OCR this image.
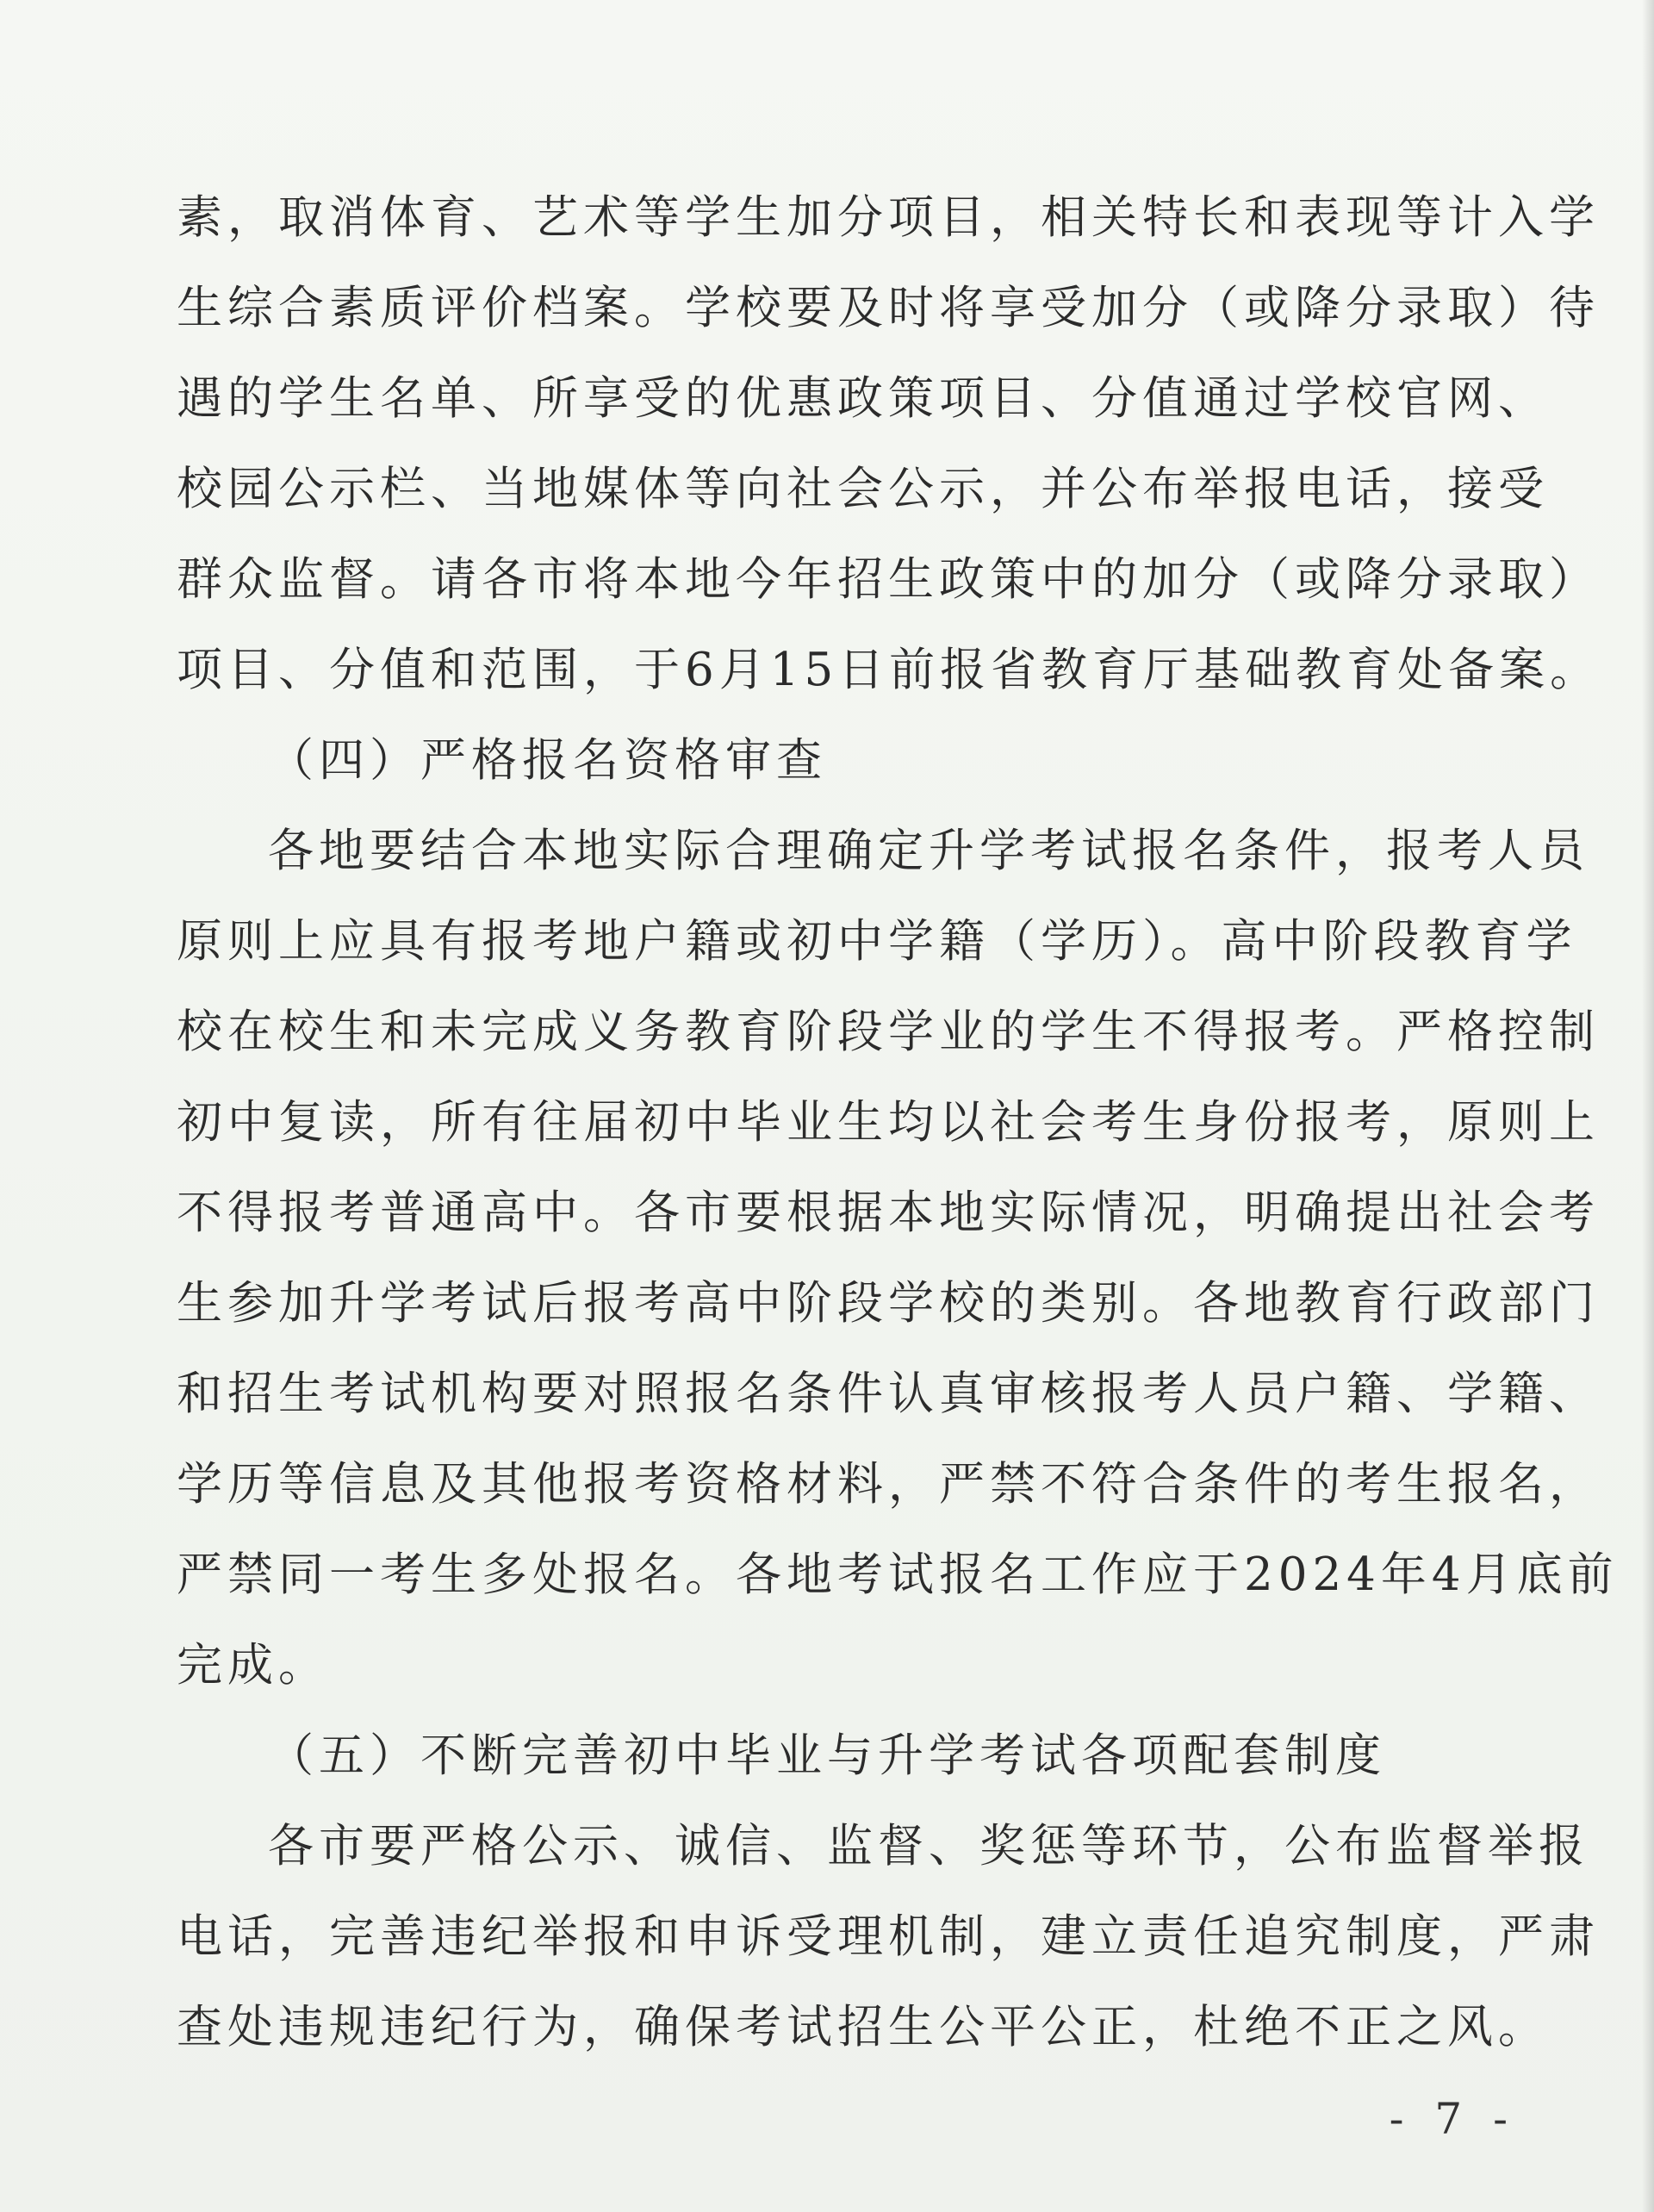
素，取消体育、艺术等学生加分项目，相关特长和表现等计入学
生综合素质评价档案。学校要及时将享受加分（或降分录取）待
遇的学生名单、所享受的优惠政策项目、分值通过学校官网、
校园公示栏、当地媒体等向社会公示，并公布举报电话，接受
群众监督。请各市将本地今年招生政策中的加分（或降分录取）
项目、分值和范围，于6月15日前报省教育厅基础教育处备案。
（四）严格报名资格审查
各地要结合本地实际合理确定升学考试报名条件，报考人员
原则上应具有报考地户籍或初中学籍（学历）。高中阶段教育学
校在校生和未完成义务教育阶段学业的学生不得报考。严格控制
初中复读，所有往届初中毕业生均以社会考生身份报考，原则上
不得报考普通高中。各市要根据本地实际情况，明确提出社会考
生参加升学考试后报考高中阶段学校的类别。各地教育行政部门
和招生考试机构要对照报名条件认真审核报考人员户籍、学籍、
学历等信息及其他报考资格材料，严禁不符合条件的考生报名，
严禁同一考生多处报名。各地考试报名工作应于2024年4月底前
完成。
（五）不断完善初中毕业与升学考试各项配套制度
各市要严格公示、诚信、监督、奖惩等环节，公布监督举报
电话，完善违纪举报和申诉受理机制，建立责任追究制度，严肃
查处违规违纪行为，确保考试招生公平公正，杜绝不正之风。
- 7 -
